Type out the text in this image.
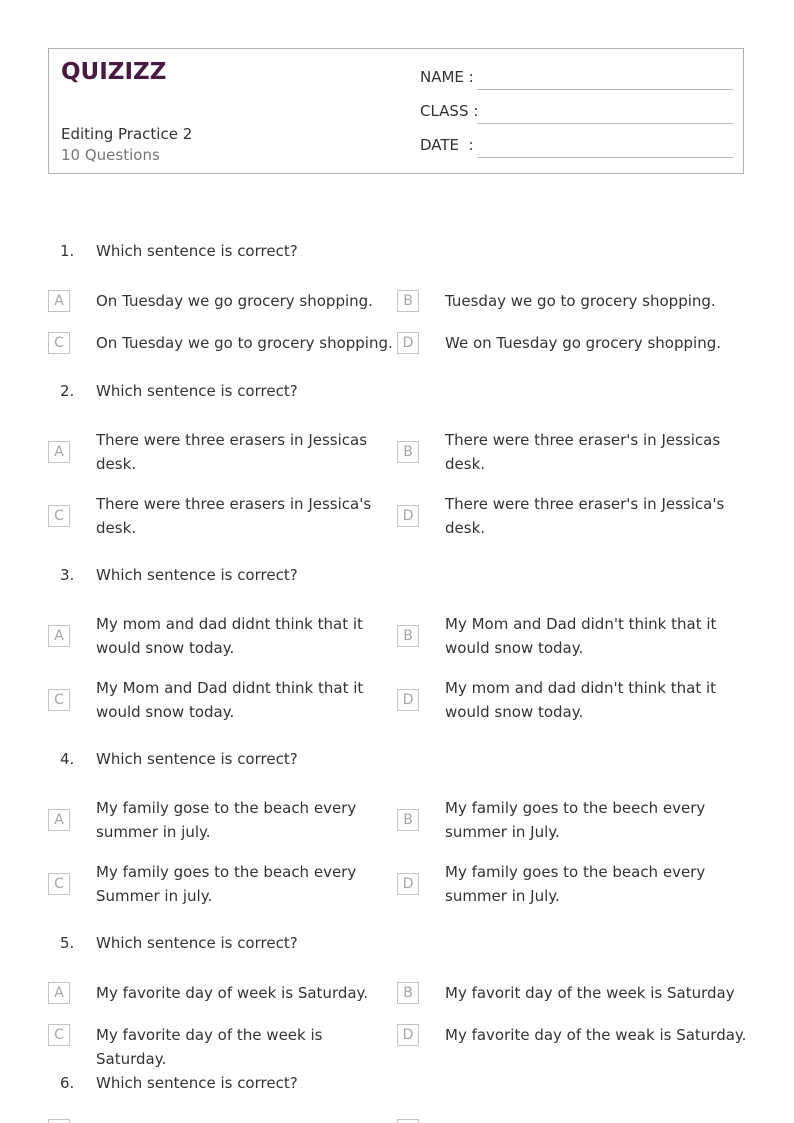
QUIZIZZ
Editing Practice 2
10 Questions
NAME :
CLASS :
DATE  :
1. Which sentence is correct?
A	On Tuesday we go grocery shopping.	B	Tuesday we go to grocery shopping.
C	On Tuesday we go to grocery shopping. D	We on Tuesday go grocery shopping.
2. Which sentence is correct?
A
There were three erasers in Jessicas desk.
B
There were three eraser's in Jessicas desk.
C
There were three erasers in Jessica's desk.
D
There were three eraser's in Jessica's desk.
3. Which sentence is correct?
A
My mom and dad didnt think that it would snow today.
B
My Mom and Dad didn't think that it would snow today.
C
My Mom and Dad didnt think that it would snow today.
D
My mom and dad didn't think that it would snow today.
4. Which sentence is correct?
A
My family gose to the beach every summer in july.
B
My family goes to the beech every summer in July.
C
My family goes to the beach every Summer in july.
D
My family goes to the beach every summer in July.
5. Which sentence is correct?
A	My favorite day of week is Saturday.	B	My favorit day of the week is Saturday
C	My favorite day of the week is Saturday.
D	My favorite day of the weak is Saturday.
6. Which sentence is correct?
